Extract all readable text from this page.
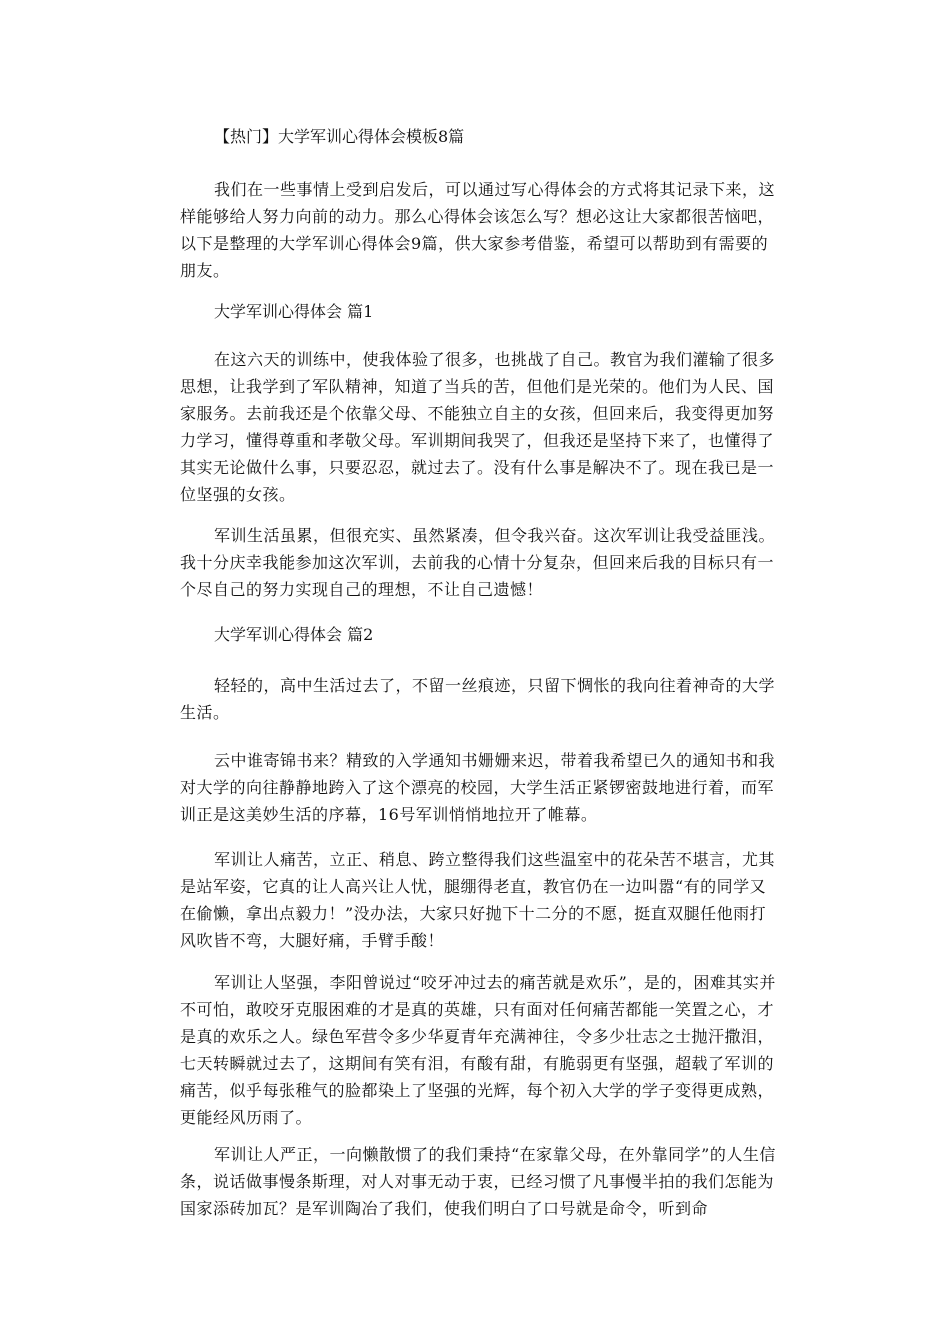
【热门】大学军训心得体会模板8篇

我们在一些事情上受到启发后，可以通过写心得体会的方式将其记录下来，这样能够给人努力向前的动力。那么心得体会该怎么写？想必这让大家都很苦恼吧，以下是整理的大学军训心得体会9篇，供大家参考借鉴，希望可以帮助到有需要的朋友。

大学军训心得体会 篇1

在这六天的训练中，使我体验了很多，也挑战了自己。教官为我们灌输了很多思想，让我学到了军队精神，知道了当兵的苦，但他们是光荣的。他们为人民、国家服务。去前我还是个依靠父母、不能独立自主的女孩，但回来后，我变得更加努力学习，懂得尊重和孝敬父母。军训期间我哭了，但我还是坚持下来了，也懂得了其实无论做什么事，只要忍忍，就过去了。没有什么事是解决不了。现在我已是一位坚强的女孩。

军训生活虽累，但很充实、虽然紧凑，但令我兴奋。这次军训让我受益匪浅。我十分庆幸我能参加这次军训，去前我的心情十分复杂，但回来后我的目标只有一个尽自己的努力实现自己的理想，不让自己遗憾！

大学军训心得体会 篇2

轻轻的，高中生活过去了，不留一丝痕迹，只留下惆怅的我向往着神奇的大学生活。

云中谁寄锦书来？精致的入学通知书姗姗来迟，带着我希望已久的通知书和我对大学的向往静静地跨入了这个漂亮的校园，大学生活正紧锣密鼓地进行着，而军训正是这美妙生活的序幕，16号军训悄悄地拉开了帷幕。

军训让人痛苦，立正、稍息、跨立整得我们这些温室中的花朵苦不堪言，尤其是站军姿，它真的让人高兴让人忧，腿绷得老直，教官仍在一边叫嚣“有的同学又在偷懒，拿出点毅力！”没办法，大家只好抛下十二分的不愿，挺直双腿任他雨打风吹皆不弯，大腿好痛，手臂手酸！

军训让人坚强，李阳曾说过“咬牙冲过去的痛苦就是欢乐”，是的，困难其实并不可怕，敢咬牙克服困难的才是真的英雄，只有面对任何痛苦都能一笑置之心，才是真的欢乐之人。绿色军营令多少华夏青年充满神往，令多少壮志之士抛汗撒泪，七天转瞬就过去了，这期间有笑有泪，有酸有甜，有脆弱更有坚强，超载了军训的痛苦，似乎每张稚气的脸都染上了坚强的光辉，每个初入大学的学子变得更成熟，更能经风历雨了。

军训让人严正，一向懒散惯了的我们秉持“在家靠父母，在外靠同学”的人生信条，说话做事慢条斯理，对人对事无动于衷，已经习惯了凡事慢半拍的我们怎能为国家添砖加瓦？是军训陶冶了我们，使我们明白了口号就是命令，听到命
